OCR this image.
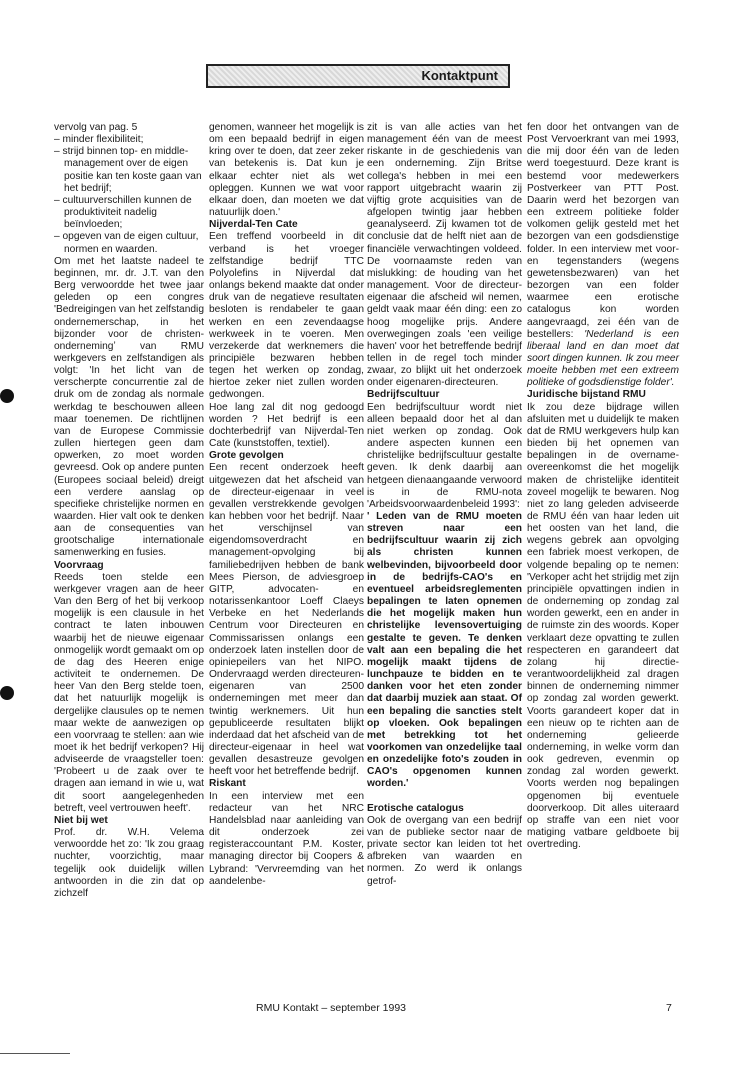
Kontaktpunt

vervolg van pag. 5

– minder flexibiliteit;
– strijd binnen top- en middle-management over de eigen positie kan ten koste gaan van het bedrijf;
– cultuurverschillen kunnen de produktiviteit nadelig beïnvloeden;
– opgeven van de eigen cultuur, normen en waarden.

Om met het laatste nadeel te beginnen, mr. dr. J.T. van den Berg verwoordde het twee jaar geleden op een congres 'Bedreigingen van het zelfstandig ondernemerschap, in het bijzonder voor de christen-ondernemingʼ van RMU werkgevers en zelfstandigen als volgt: 'In het licht van de verscherpte concurrentie zal de druk om de zondag als normale werkdag te beschouwen alleen maar toenemen. De richtlijnen van de Europese Commissie zullen hiertegen geen dam opwerken, zo moet worden gevreesd. Ook op andere punten (Europees sociaal beleid) dreigt een verdere aanslag op specifieke christelijke normen en waarden. Hier valt ook te denken aan de consequenties van grootschalige internationale samenwerking en fusies.

Voorvraag

Reeds toen stelde een werkgever vragen aan de heer Van den Berg of het bij verkoop mogelijk is een clausule in het contract te laten inbouwen waarbij het de nieuwe eigenaar onmogelijk wordt gemaakt om op de dag des Heeren enige activiteit te ondernemen. De heer Van den Berg stelde toen, dat het natuurlijk mogelijk is dergelijke clausules op te nemen maar wekte de aanwezigen op een voorvraag te stellen: aan wie moet ik het bedrijf verkopen? Hij adviseerde de vraagsteller toen: 'Probeert u de zaak over te dragen aan iemand in wie u, wat dit soort aangelegenheden betreft, veel vertrouwen heeft'.

Niet bij wet

Prof. dr. W.H. Velema verwoordde het zo: 'Ik zou graag nuchter, voorzichtig, maar tegelijk ook duidelijk willen antwoorden in die zin dat op zichzelf

genomen, wanneer het mogelijk is om een bepaald bedrijf in eigen kring over te doen, dat zeer zeker van betekenis is. Dat kun je elkaar echter niet als wet opleggen. Kunnen we wat voor elkaar doen, dan moeten we dat natuurlijk doen.'

Nijverdal-Ten Cate

Een treffend voorbeeld in dit verband is het vroeger zelfstandige bedrijf TTC Polyolefins in Nijverdal dat onlangs bekend maakte dat onder druk van de negatieve resultaten besloten is rendabeler te gaan werken en een zevendaagse werkweek in te voeren. Men verzekerde dat werknemers die principiële bezwaren hebben tegen het werken op zondag, hiertoe zeker niet zullen worden gedwongen.

Hoe lang zal dit nog gedoogd worden ? Het bedrijf is een dochterbedrijf van Nijverdal-Ten Cate (kunststoffen, textiel).

Grote gevolgen

Een recent onderzoek heeft uitgewezen dat het afscheid van de directeur-eigenaar in veel gevallen verstrekkende gevolgen kan hebben voor het bedrijf. Naar het verschijnsel van eigendomsoverdracht en management-opvolging bij familiebedrijven hebben de bank Mees Pierson, de adviesgroep GITP, advocaten- en notarissenkantoor Loeff Claeys Verbeke en het Nederlands Centrum voor Directeuren en Commissarissen onlangs een onderzoek laten instellen door de opiniepeilers van het NIPO. Ondervraagd werden directeuren-eigenaren van 2500 ondernemingen met meer dan twintig werknemers. Uit hun gepubliceerde resultaten blijkt inderdaad dat het afscheid van de directeur-eigenaar in heel wat gevallen desastreuze gevolgen heeft voor het betreffende bedrijf.

Riskant

In een interview met een redacteur van het NRC Handelsblad naar aanleiding van dit onderzoek zei registeraccountant P.M. Koster, managing director bij Coopers & Lybrand: 'Vervreemding van het aandelenbe-

zit is van alle acties van het management één van de meest riskante in de geschiedenis van een onderneming. Zijn Britse collega's hebben in mei een rapport uitgebracht waarin zij vijftig grote acquisities van de afgelopen twintig jaar hebben geanalyseerd. Zij kwamen tot de conclusie dat de helft niet aan de financiële verwachtingen voldeed. De voornaamste reden van mislukking: de houding van het management. Voor de directeur-eigenaar die afscheid wil nemen, geldt vaak maar één ding: een zo hoog mogelijke prijs. Andere overwegingen zoals 'een veilige haven' voor het betreffende bedrijf tellen in de regel toch minder zwaar, zo blijkt uit het onderzoek onder eigenaren-directeuren.

Bedrijfscultuur

Een bedrijfscultuur wordt niet alleen bepaald door het al dan niet werken op zondag. Ook andere aspecten kunnen een christelijke bedrijfscultuur gestalte geven. Ik denk daarbij aan hetgeen dienaangaande verwoord is in de RMU-nota 'Arbeidsvoorwaardenbeleid 1993':

' Leden van de RMU moeten streven naar een bedrijfscultuur waarin zij zich als christen kunnen welbevinden, bijvoorbeeld door in de bedrijfs-CAO's en eventueel arbeidsreglementen bepalingen te laten opnemen die het mogelijk maken hun christelijke levensovertuiging gestalte te geven. Te denken valt aan een bepaling die het mogelijk maakt tijdens de lunchpauze te bidden en te danken voor het eten zonder dat daarbij muziek aan staat. Of een bepaling die sancties stelt op vloeken. Ook bepalingen met betrekking tot het voorkomen van onzedelijke taal en onzedelijke foto's zouden in CAO's opgenomen kunnen worden.'

Erotische catalogus

Ook de overgang van een bedrijf van de publieke sector naar de private sector kan leiden tot het afbreken van waarden en normen. Zo werd ik onlangs getrof-

fen door het ontvangen van de Post Vervoerkrant van mei 1993, die mij door één van de leden werd toegestuurd. Deze krant is bestemd voor medewerkers Postverkeer van PTT Post. Daarin werd het bezorgen van een extreem politieke folder volkomen gelijk gesteld met het bezorgen van een godsdienstige folder. In een interview met voor- en tegenstanders (wegens gewetensbezwaren) van het bezorgen van een folder waarmee een erotische catalogus kon worden aangevraagd, zei één van de bestellers: 'Nederland is een liberaal land en dan moet dat soort dingen kunnen. Ik zou meer moeite hebben met een extreem politieke of godsdienstige folder'.

Juridische bijstand RMU

Ik zou deze bijdrage willen afsluiten met u duidelijk te maken dat de RMU werkgevers hulp kan bieden bij het opnemen van bepalingen in de overname-overeenkomst die het mogelijk maken de christelijke identiteit zoveel mogelijk te bewaren. Nog niet zo lang geleden adviseerde de RMU één van haar leden uit het oosten van het land, die wegens gebrek aan opvolging een fabriek moest verkopen, de volgende bepaling op te nemen: 'Verkoper acht het strijdig met zijn principiële opvattingen indien in de onderneming op zondag zal worden gewerkt, een en ander in de ruimste zin des woords. Koper verklaart deze opvatting te zullen respecteren en garandeert dat zolang hij directie-verantwoordelijkheid zal dragen binnen de onderneming nimmer op zondag zal worden gewerkt. Voorts garandeert koper dat in een nieuw op te richten aan de onderneming gelieerde onderneming, in welke vorm dan ook gedreven, evenmin op zondag zal worden gewerkt. Voorts werden nog bepalingen opgenomen bij eventuele doorverkoop. Dit alles uiteraard op straffe van een niet voor matiging vatbare geldboete bij overtreding.

RMU Kontakt – september 1993	7
